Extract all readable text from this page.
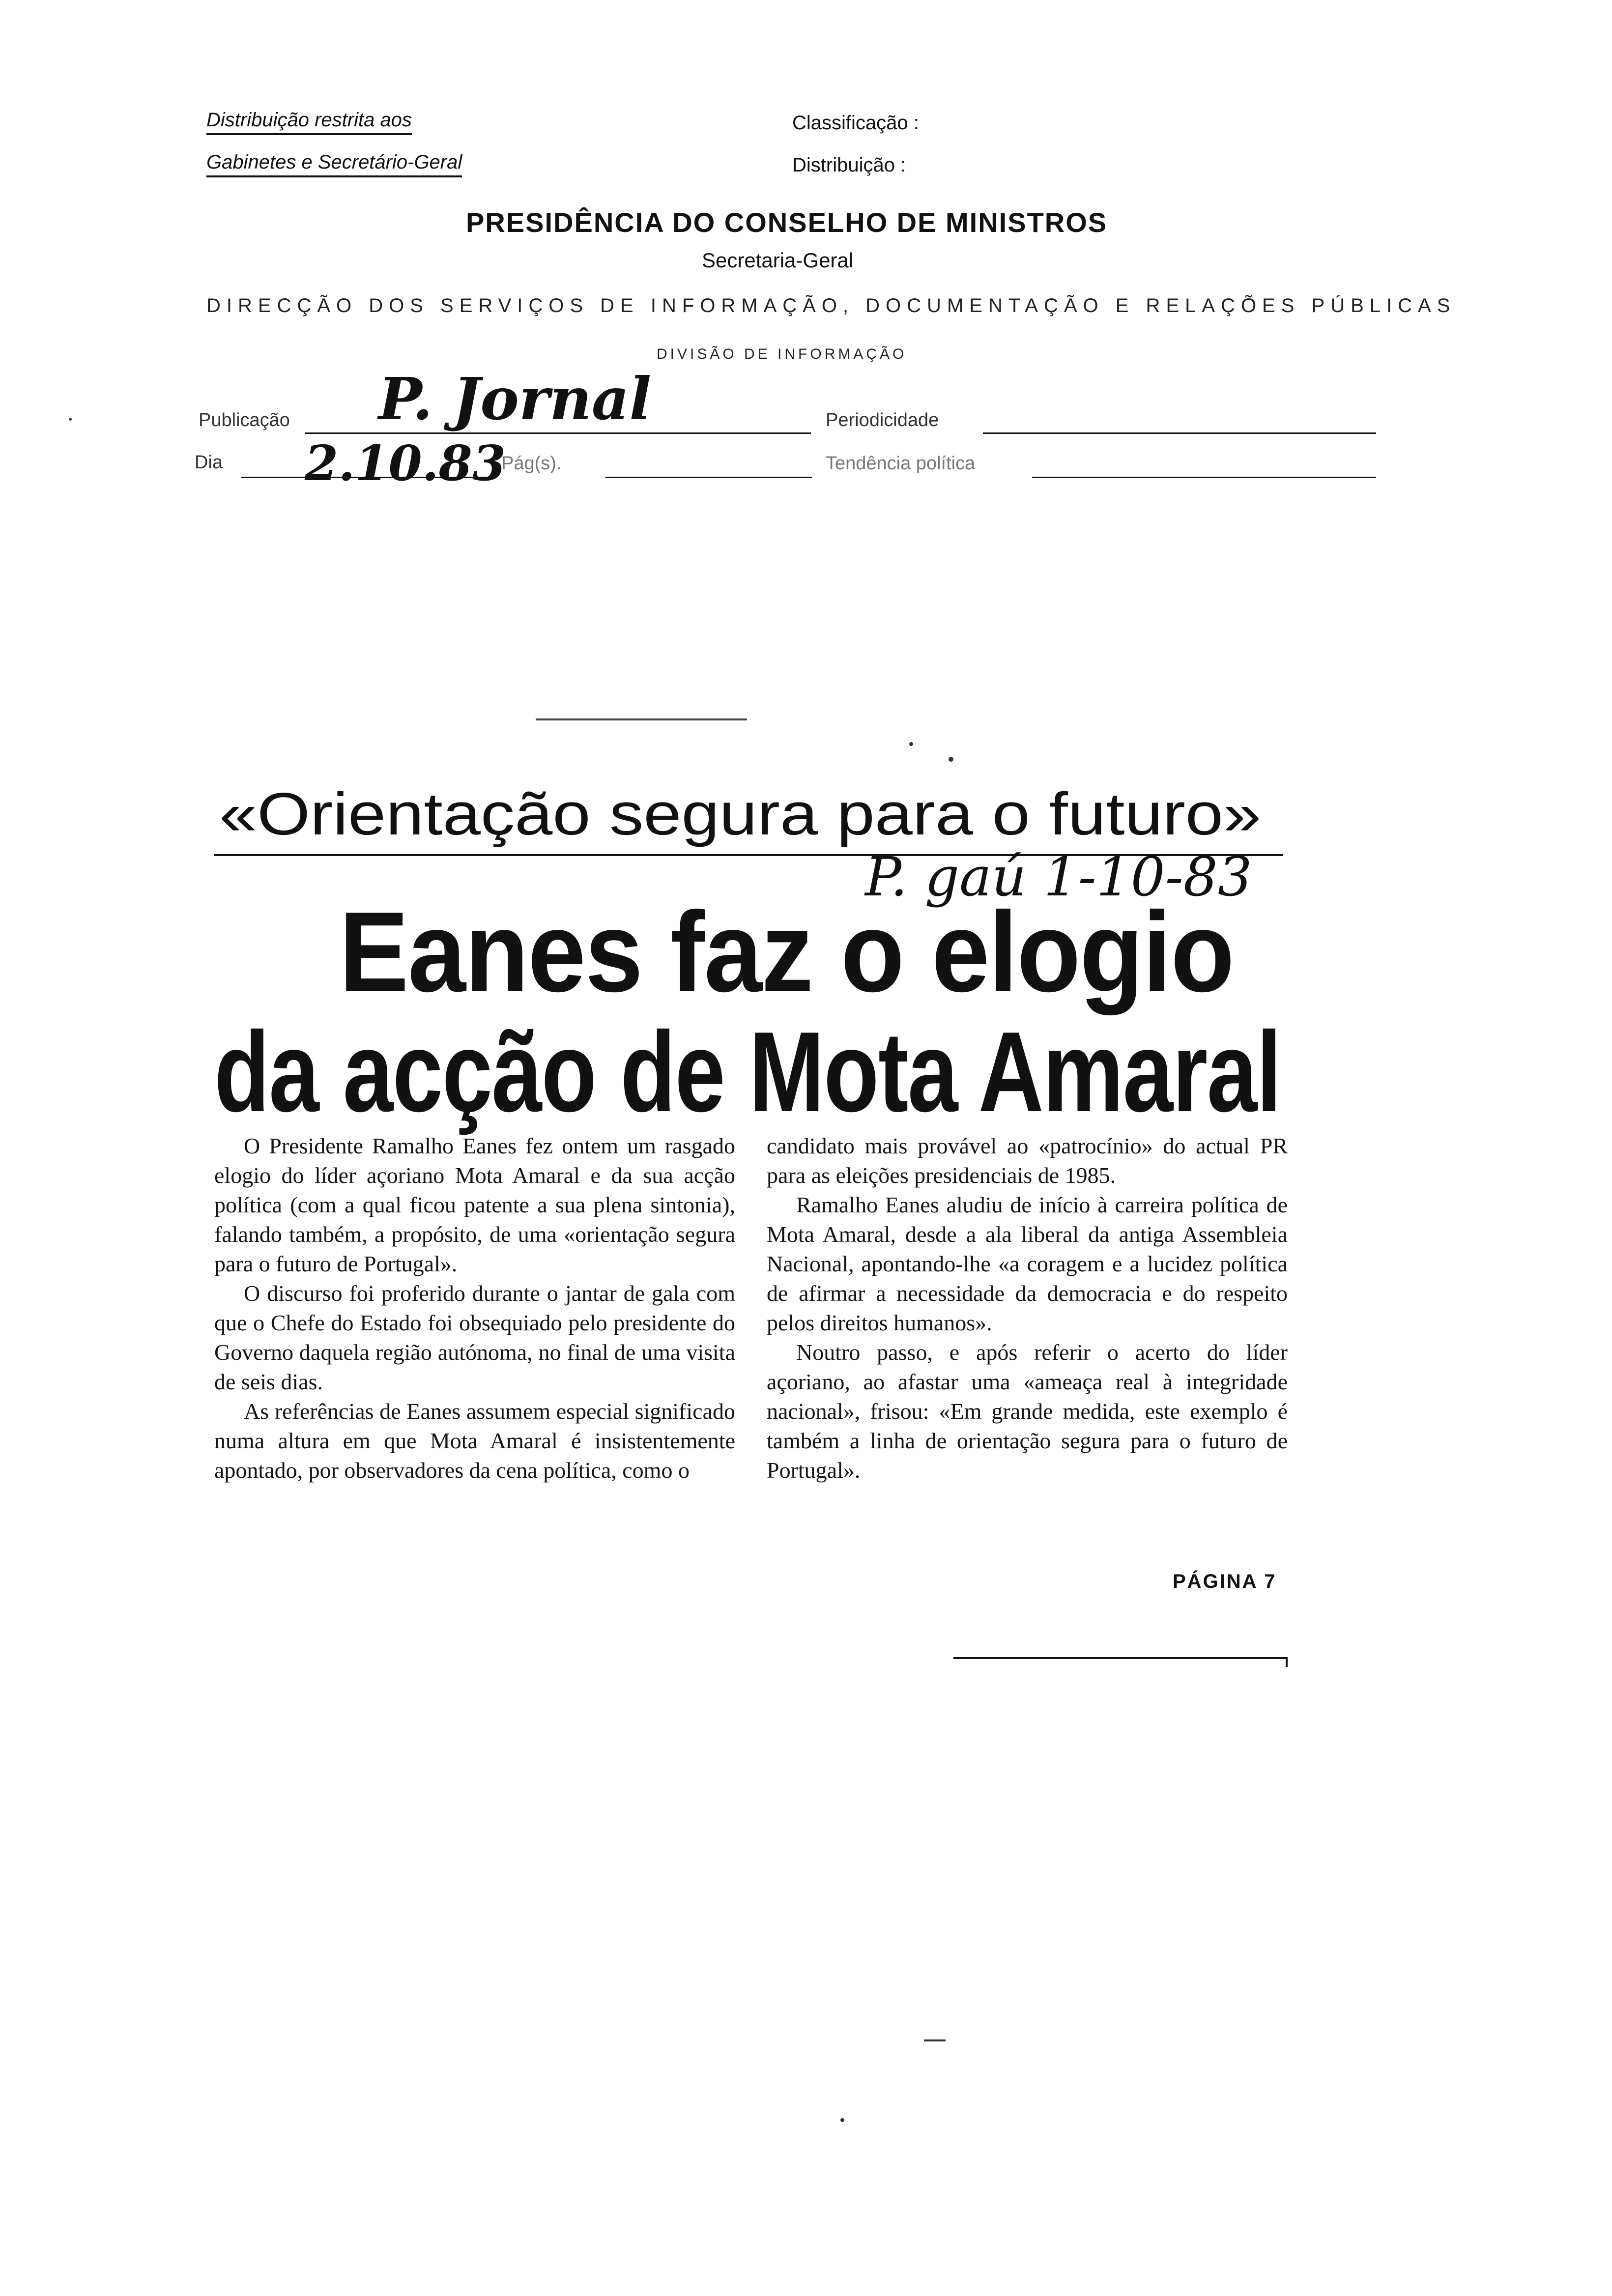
Distribuição restrita aos
Gabinetes e Secretário-Geral
Classificação :
Distribuição :
PRESIDÊNCIA DO CONSELHO DE MINISTROS
Secretaria-Geral
DIRECÇÃO DOS SERVIÇOS DE INFORMAÇÃO, DOCUMENTAÇÃO E RELAÇÕES PÚBLICAS
DIVISÃO DE INFORMAÇÃO
Publicação P. Jornal	Periodicidade
Dia 2.10.83
Pág(s).	Tendência política
«Orientação segura para o futuro»
Eanes faz o elogio
da acção de Mota Amaral
P. gaú 1-10-83

O Presidente Ramalho Eanes fez ontem um rasgado elogio do líder açoriano Mota Amaral e da sua acção política (com a qual ficou patente a sua plena sintonia), falando também, a propósito, de uma «orientação segura para o futuro de Portugal».

O discurso foi proferido durante o jantar de gala com que o Chefe do Estado foi obsequiado pelo presidente do Governo daquela região autónoma, no final de uma visita de seis dias.

As referências de Eanes assumem especial significado numa altura em que Mota Amaral é insistentemente apontado, por observadores da cena política, como o

candidato mais provável ao «patrocínio» do actual PR para as eleições presidenciais de 1985.

Ramalho Eanes aludiu de início à carreira política de Mota Amaral, desde a ala liberal da antiga Assembleia Nacional, apontando-lhe «a coragem e a lucidez política de afirmar a necessidade da democracia e do respeito pelos direitos humanos».

Noutro passo, e após referir o acerto do líder açoriano, ao afastar uma «ameaça real à integridade nacional», frisou: «Em grande medida, este exemplo é também a linha de orientação segura para o futuro de Portugal».

PÁGINA 7
